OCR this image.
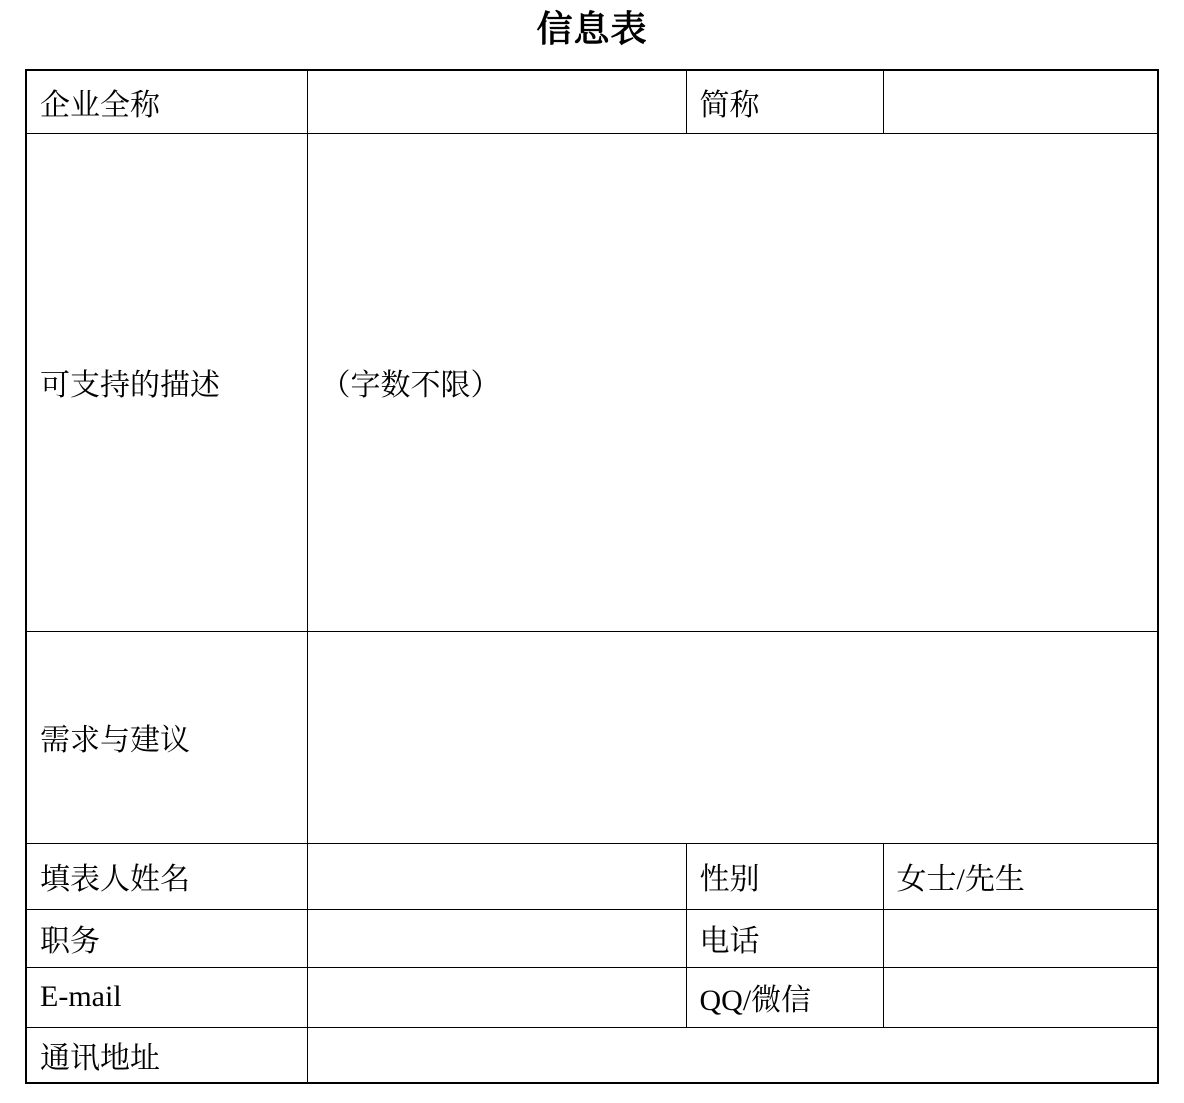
信息表
企业全称		简称	
可支持的描述	（字数不限）		
需求与建议			
填表人姓名		性别	女士/先生
职务		电话	
E-mail		QQ/微信	
通讯地址			
